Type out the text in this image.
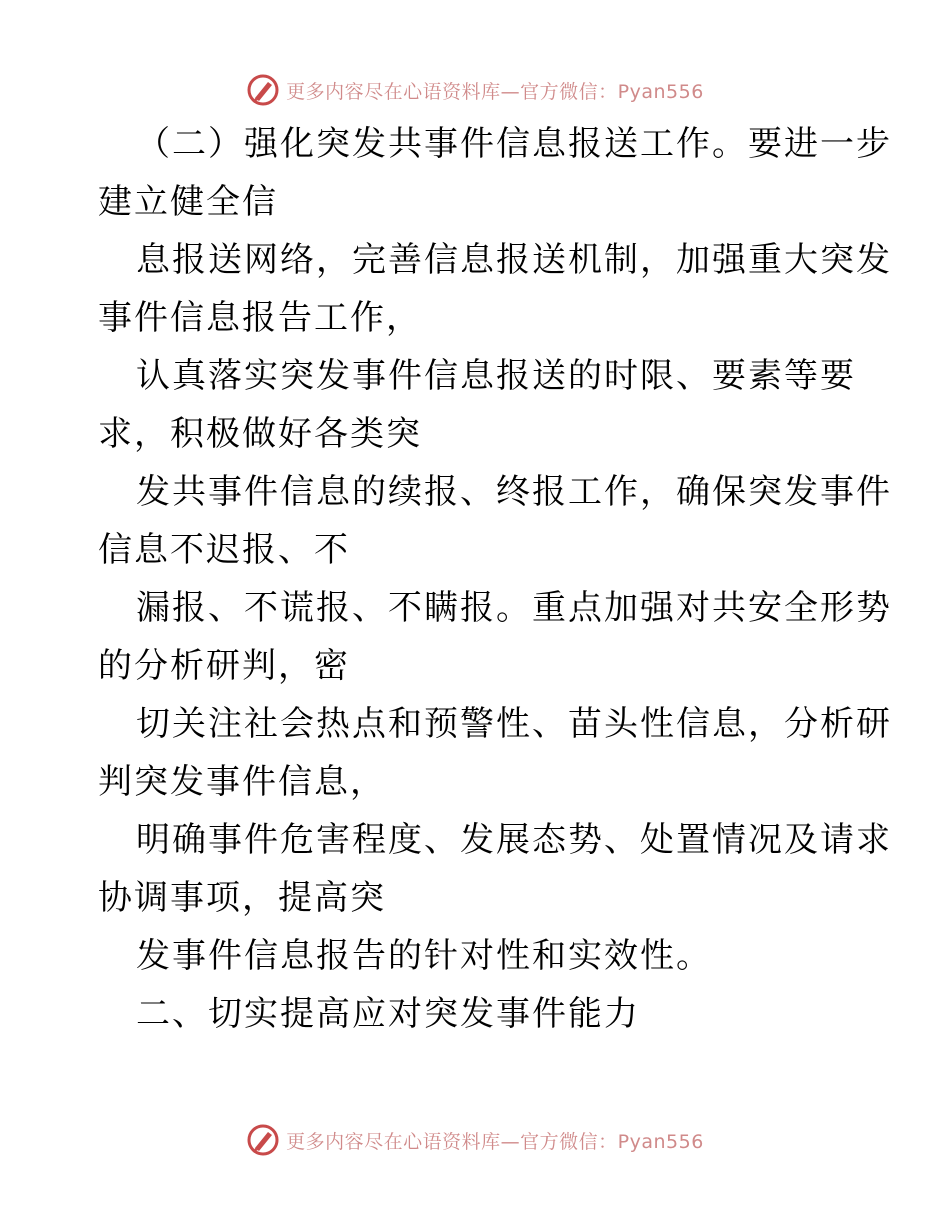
更多内容尽在心语资料库—官方微信：Pyan556
（二）强化突发共事件信息报送工作。要进一步
建立健全信
息报送网络，完善信息报送机制，加强重大突发
事件信息报告工作，
认真落实突发事件信息报送的时限、要素等要
求，积极做好各类突
发共事件信息的续报、终报工作，确保突发事件
信息不迟报、不
漏报、不谎报、不瞒报。重点加强对共安全形势
的分析研判，密
切关注社会热点和预警性、苗头性信息，分析研
判突发事件信息，
明确事件危害程度、发展态势、处置情况及请求
协调事项，提高突
发事件信息报告的针对性和实效性。
二、切实提高应对突发事件能力
更多内容尽在心语资料库—官方微信：Pyan556
